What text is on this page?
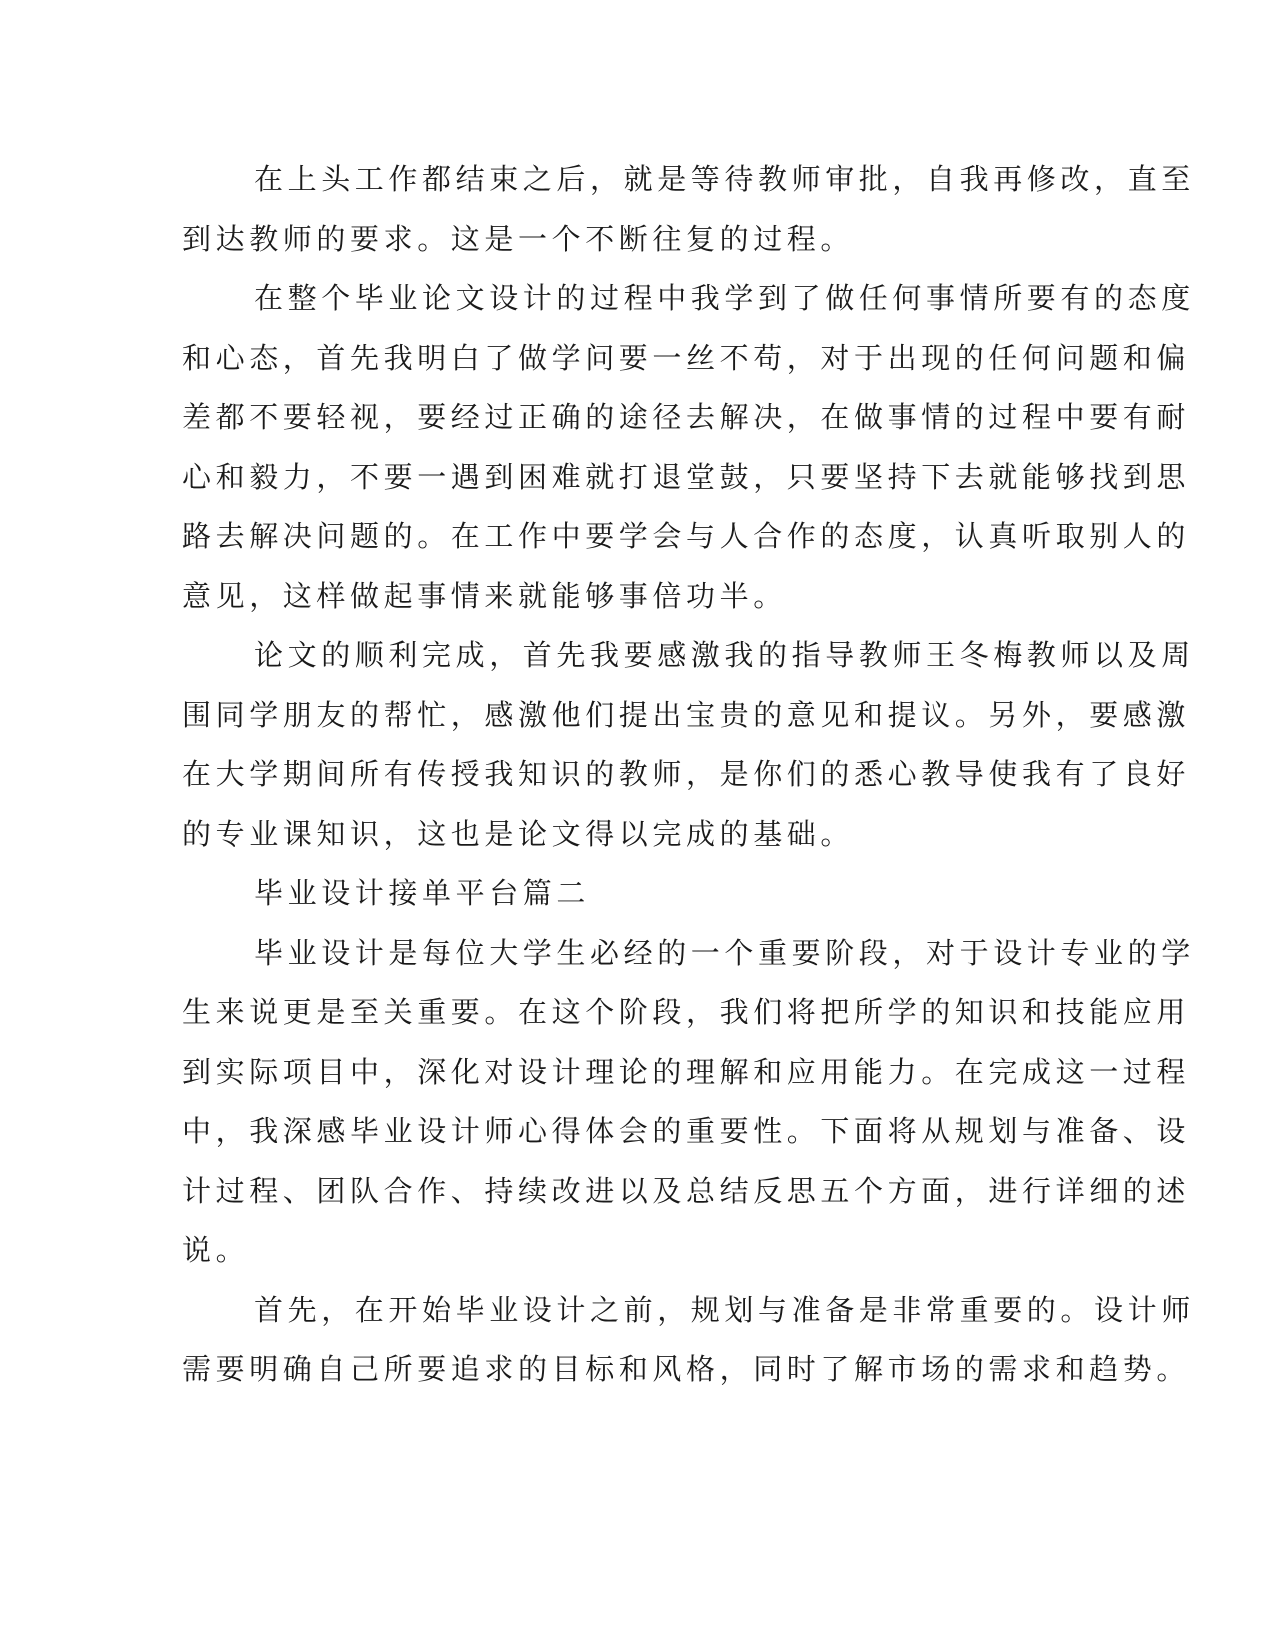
在上头工作都结束之后，就是等待教师审批，自我再修改，直至
到达教师的要求。这是一个不断往复的过程。
在整个毕业论文设计的过程中我学到了做任何事情所要有的态度
和心态，首先我明白了做学问要一丝不苟，对于出现的任何问题和偏
差都不要轻视，要经过正确的途径去解决，在做事情的过程中要有耐
心和毅力，不要一遇到困难就打退堂鼓，只要坚持下去就能够找到思
路去解决问题的。在工作中要学会与人合作的态度，认真听取别人的
意见，这样做起事情来就能够事倍功半。
论文的顺利完成，首先我要感激我的指导教师王冬梅教师以及周
围同学朋友的帮忙，感激他们提出宝贵的意见和提议。另外，要感激
在大学期间所有传授我知识的教师，是你们的悉心教导使我有了良好
的专业课知识，这也是论文得以完成的基础。
毕业设计接单平台篇二
毕业设计是每位大学生必经的一个重要阶段，对于设计专业的学
生来说更是至关重要。在这个阶段，我们将把所学的知识和技能应用
到实际项目中，深化对设计理论的理解和应用能力。在完成这一过程
中，我深感毕业设计师心得体会的重要性。下面将从规划与准备、设
计过程、团队合作、持续改进以及总结反思五个方面，进行详细的述
说。
首先，在开始毕业设计之前，规划与准备是非常重要的。设计师
需要明确自己所要追求的目标和风格，同时了解市场的需求和趋势。
